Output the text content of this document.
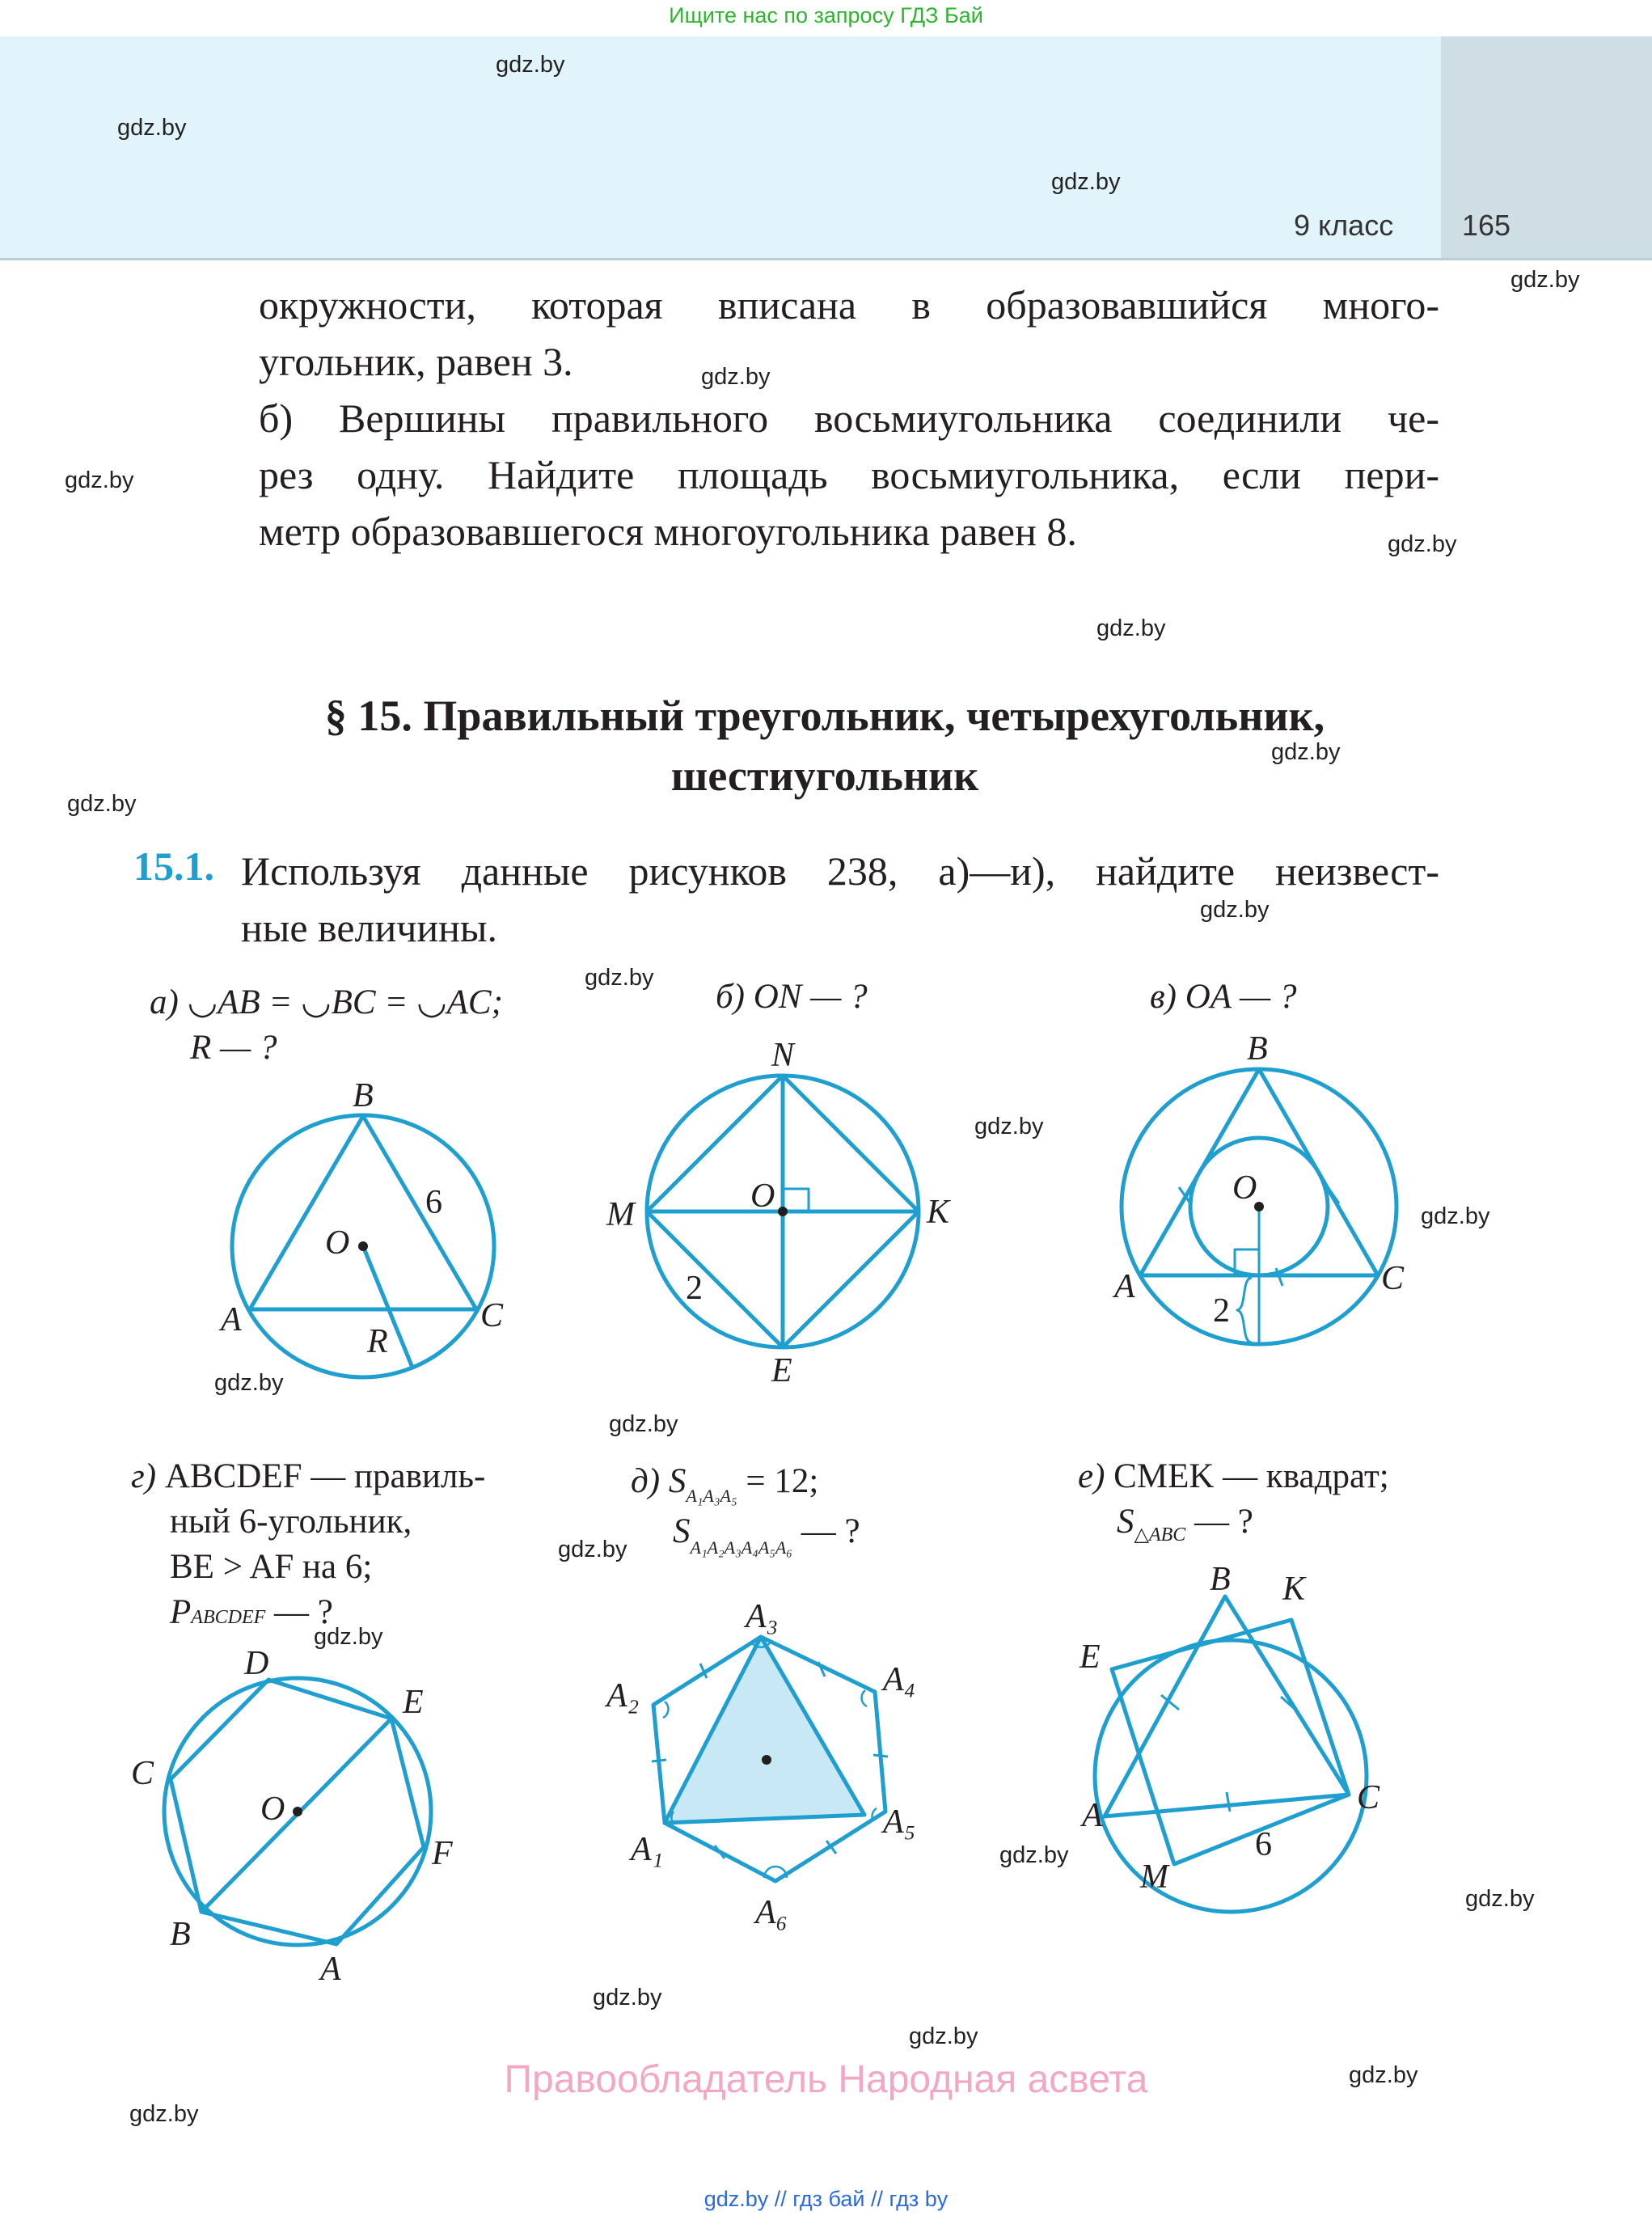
Ищите нас по запросу ГДЗ Бай
9 класс 165
gdz.by
gdz.by
gdz.by
gdz.by
gdz.by
gdz.by
gdz.by
gdz.by
gdz.by
gdz.by
gdz.by
gdz.by
gdz.by
gdz.by
gdz.by
gdz.by
gdz.by
gdz.by
gdz.by
gdz.by
gdz.by
gdz.by
gdz.by
gdz.by
окружности, которая вписана в образовавшийся много-
угольник, равен 3.
б) Вершины правильного восьмиугольника соединили че-
рез одну. Найдите площадь восьмиугольника, если пери-
метр образовавшегося многоугольника равен 8.
§ 15. Правильный треугольник, четырехугольник,
шестиугольник
15.1. Используя данные рисунков 238, а)—и), найдите неизвест-
ные величины.
а) ◡AB = ◡BC = ◡AC;
R — ?
б) ON — ?	в) OA — ?
г) ABCDEF — правиль-
ный 6-угольник,
BE > AF на 6;
PABCDEF — ?
д) $S_{A_1A_3A_5} = 12$;
$S_{A_1A_2A_3A_4A_5A_6}$ — ?
е) CMEK — квадрат;
$S_{\triangle ABC}$ — ?
B
A	C
O
R
6
N
M	K
E
O
2
B
A	C
O
2
D
E
C
F
B
A
O
A₃
A₂	A₄
A₅
A₁
A₆
B K
E
A	C
M
6
Правообладатель Народная асвета
gdz.by // гдз бай // гдз by
